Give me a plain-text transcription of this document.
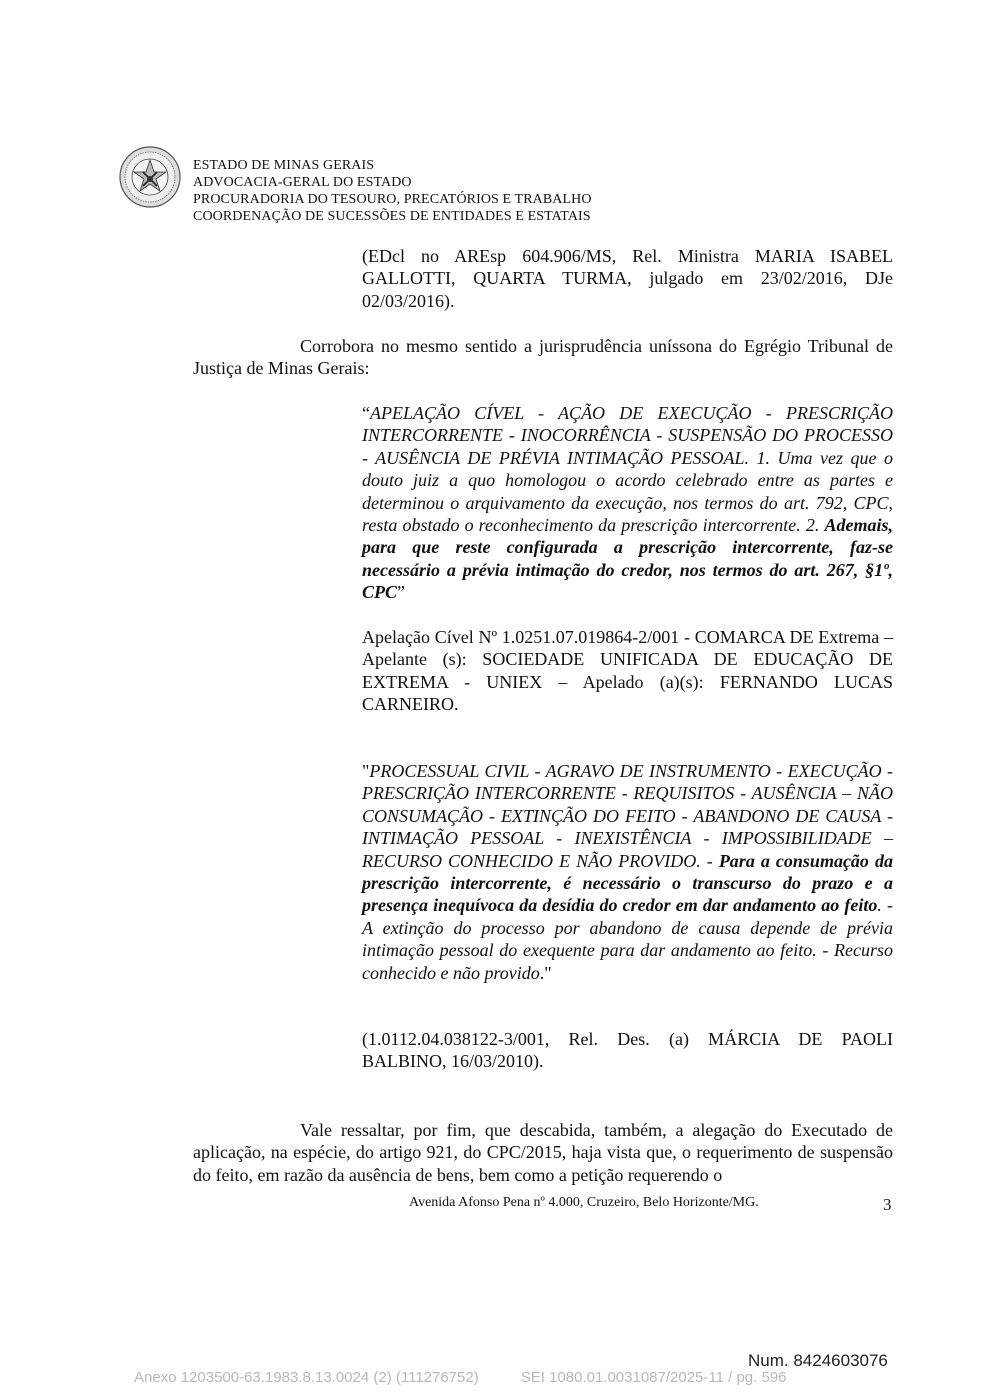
ESTADO DE MINAS GERAIS
ADVOCACIA-GERAL DO ESTADO
PROCURADORIA DO TESOURO, PRECATÓRIOS E TRABALHO
COORDENAÇÃO DE SUCESSÕES DE ENTIDADES E ESTATAIS

(EDcl no AREsp 604.906/MS, Rel. Ministra MARIA ISABEL GALLOTTI, QUARTA TURMA, julgado em 23/02/2016, DJe 02/03/2016).

Corrobora no mesmo sentido a jurisprudência uníssona do Egrégio Tribunal de Justiça de Minas Gerais:

“APELAÇÃO CÍVEL - AÇÃO DE EXECUÇÃO - PRESCRIÇÃO INTERCORRENTE - INOCORRÊNCIA - SUSPENSÃO DO PROCESSO - AUSÊNCIA DE PRÉVIA INTIMAÇÃO PESSOAL. 1. Uma vez que o douto juiz a quo homologou o acordo celebrado entre as partes e determinou o arquivamento da execução, nos termos do art. 792, CPC, resta obstado o reconhecimento da prescrição intercorrente. 2. Ademais, para que reste configurada a prescrição intercorrente, faz-se necessário a prévia intimação do credor, nos termos do art. 267, §1º, CPC”

Apelação Cível Nº 1.0251.07.019864-2/001 - COMARCA DE Extrema – Apelante (s): SOCIEDADE UNIFICADA DE EDUCAÇÃO DE EXTREMA - UNIEX – Apelado (a)(s): FERNANDO LUCAS CARNEIRO.

"PROCESSUAL CIVIL - AGRAVO DE INSTRUMENTO - EXECUÇÃO - PRESCRIÇÃO INTERCORRENTE - REQUISITOS - AUSÊNCIA – NÃO CONSUMAÇÃO - EXTINÇÃO DO FEITO - ABANDONO DE CAUSA - INTIMAÇÃO PESSOAL - INEXISTÊNCIA - IMPOSSIBILIDADE – RECURSO CONHECIDO E NÃO PROVIDO. - Para a consumação da prescrição intercorrente, é necessário o transcurso do prazo e a presença inequívoca da desídia do credor em dar andamento ao feito. -A extinção do processo por abandono de causa depende de prévia intimação pessoal do exequente para dar andamento ao feito. - Recurso conhecido e não provido."

(1.0112.04.038122-3/001, Rel. Des. (a) MÁRCIA DE PAOLI BALBINO, 16/03/2010).

Vale ressaltar, por fim, que descabida, também, a alegação do Executado de aplicação, na espécie, do artigo 921, do CPC/2015, haja vista que, o requerimento de suspensão do feito, em razão da ausência de bens, bem como a petição requerendo o

Avenida Afonso Pena nº 4.000, Cruzeiro, Belo Horizonte/MG.	3
Num. 8424603076
Anexo 1203500-63.1983.8.13.0024 (2) (111276752)	SEI 1080.01.0031087/2025-11 / pg. 596
